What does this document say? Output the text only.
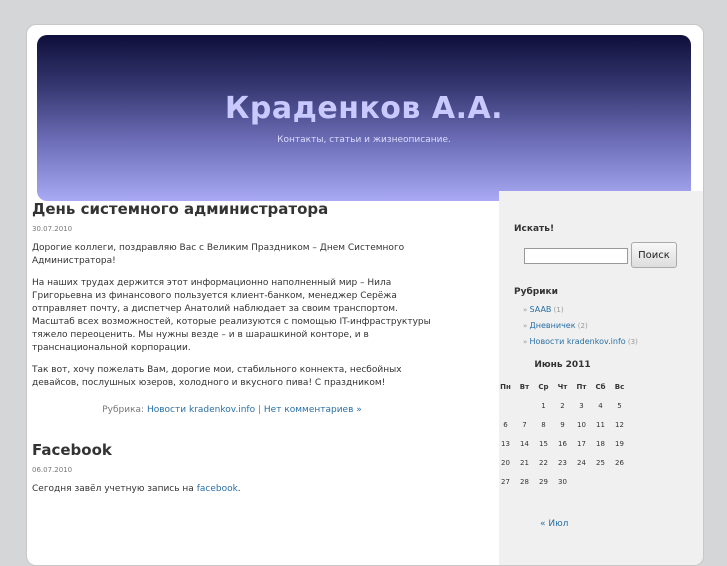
Краденков А.А.
Контакты, статьи и жизнеописание.
День системного администратора
30.07.2010

Дорогие коллеги, поздравляю Вас с Великим Праздником – Днем Системного Администратора!

На наших трудах держится этот информационно наполненный мир – Нила Григорьевна из финансового пользуется клиент-банком, менеджер Серёжа отправляет почту, а диспетчер Анатолий наблюдает за своим транспортом. Масштаб всех возможностей, которые реализуются с помощью IT-инфраструктуры тяжело переоценить. Мы нужны везде – и в шарашкиной конторе, и в транснациональной корпорации.

Так вот, хочу пожелать Вам, дорогие мои, стабильного коннекта, несбойных девайсов, послушных юзеров, холодного и вкусного пива! С праздником!

Рубрика: Новости kradenkov.info | Нет комментариев »
Facebook
06.07.2010

Сегодня завёл учетную запись на facebook.

Искать!
Поиск
Рубрики
» SAAB (1)
» Дневничек (2)
» Новости kradenkov.info (3)
Июнь 2011
Пн	Вт	Ср	Чт	Пт	Сб	Вс
		1	2	3	4	5
6	7	8	9	10	11	12
13	14	15	16	17	18	19
20	21	22	23	24	25	26
27	28	29	30			
« Июл
